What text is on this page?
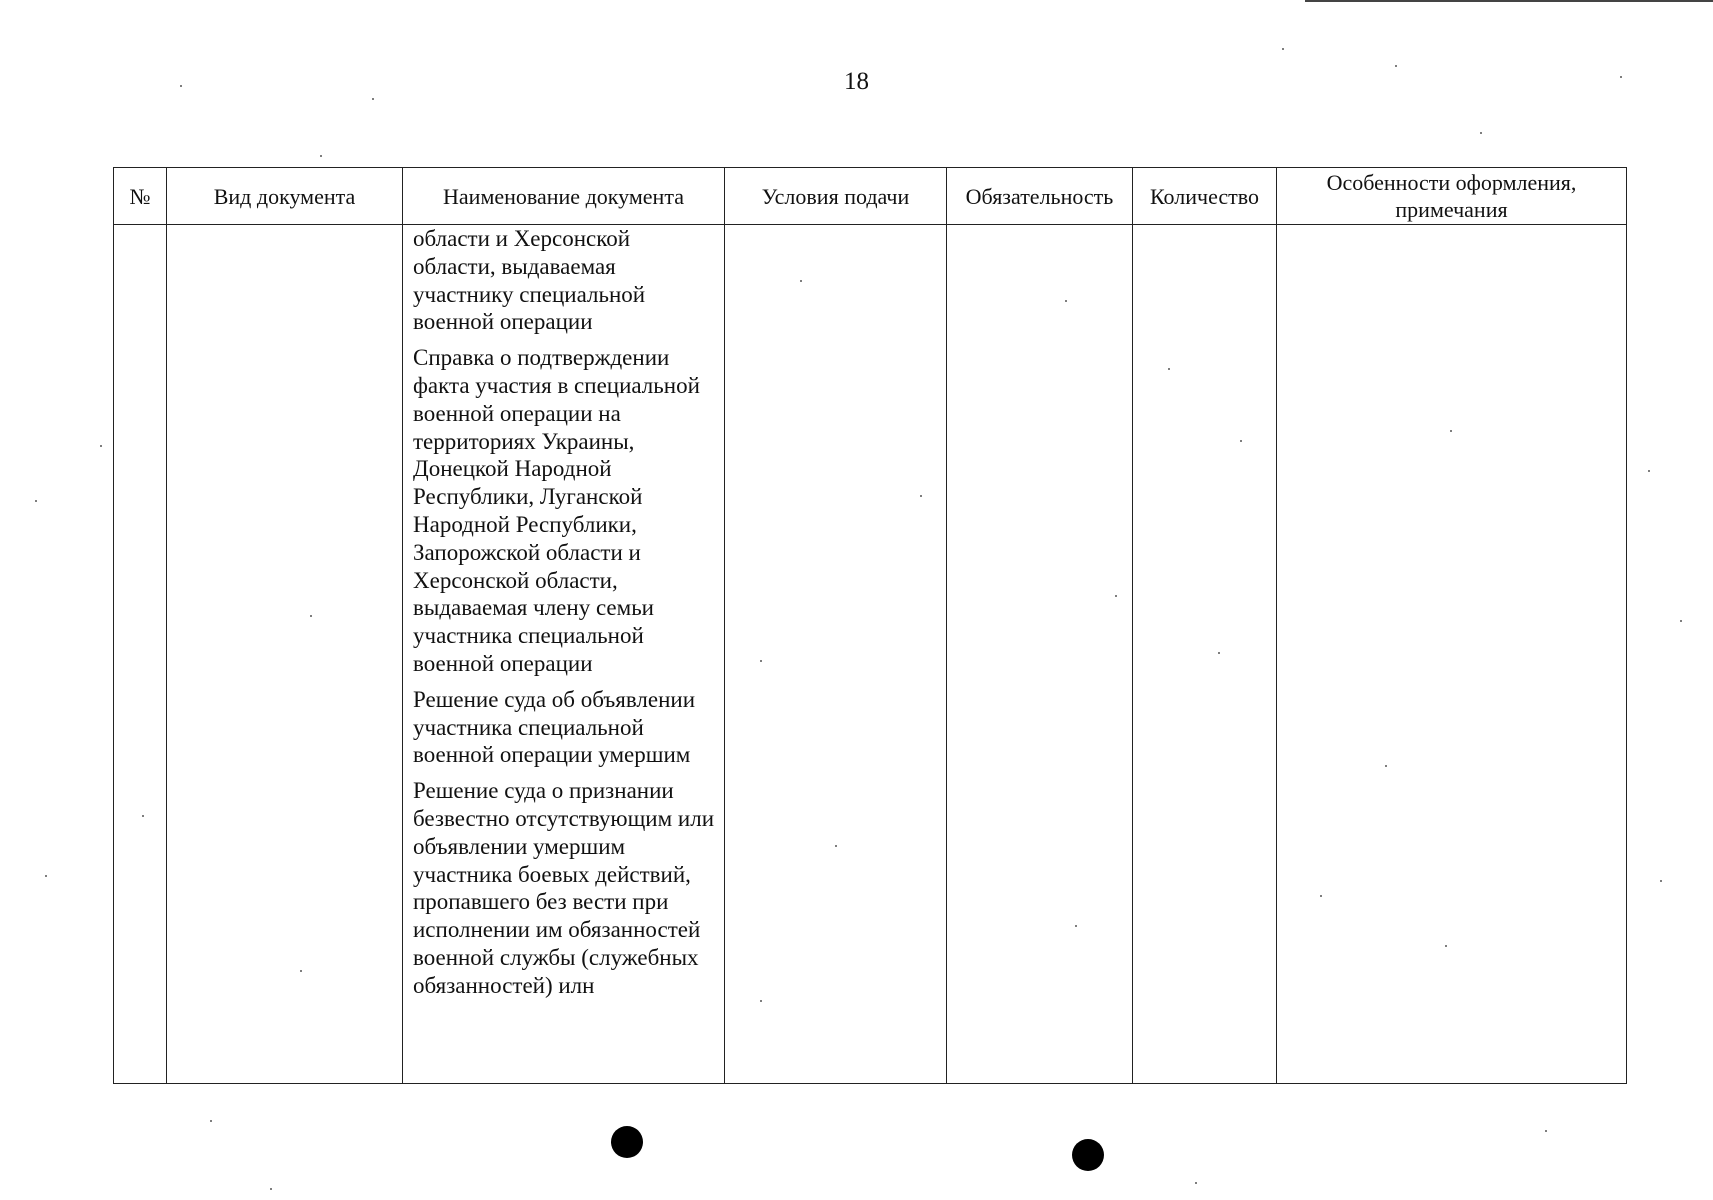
18
№	Вид документа	Наименование документа	Условия подачи	Обязательность	Количество	Особенности оформления, примечания

		области и Херсонской области, выдаваемая участнику специальной военной операции

Справка о подтверждении факта участия в специальной военной операции на территориях Украины, Донецкой Народной Республики, Луганской Народной Республики, Запорожской области и Херсонской области, выдаваемая члену семьи участника специальной военной операции

Решение суда об объявлении участника специальной военной операции умершим

Решение суда о признании безвестно отсутствующим или объявлении умершим участника боевых действий, пропавшего без вести при исполнении им обязанностей военной службы (служебных обязанностей) илн				
